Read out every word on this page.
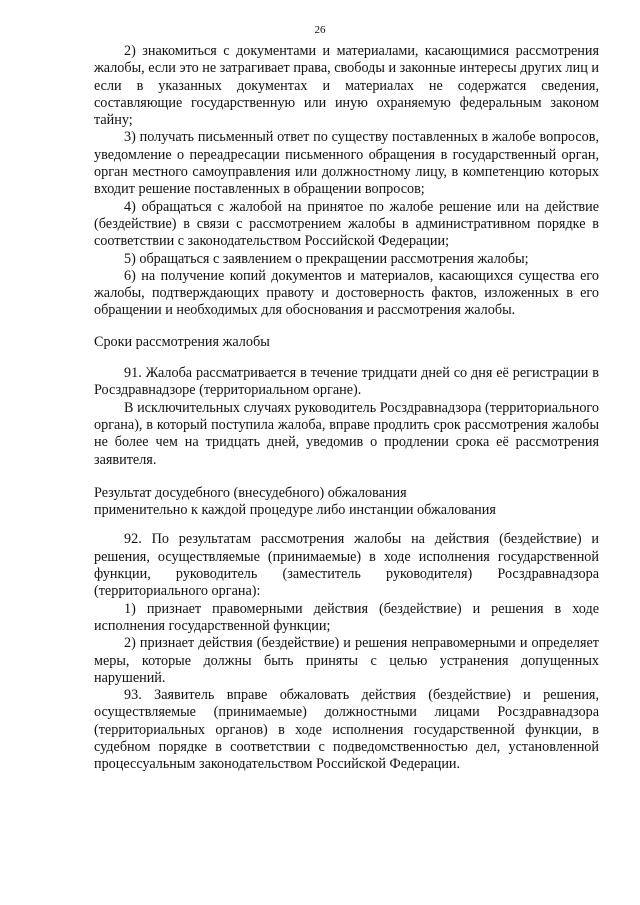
26

2) знакомиться с документами и материалами, касающимися рассмотрения жалобы, если это не затрагивает права, свободы и законные интересы других лиц и если в указанных документах и материалах не содержатся сведения, составляющие государственную или иную охраняемую федеральным законом тайну;

3) получать письменный ответ по существу поставленных в жалобе вопросов, уведомление о переадресации письменного обращения в государственный орган, орган местного самоуправления или должностному лицу, в компетенцию которых входит решение поставленных в обращении вопросов;

4) обращаться с жалобой на принятое по жалобе решение или на действие (бездействие) в связи с рассмотрением жалобы в административном порядке в соответствии с законодательством Российской Федерации;

5) обращаться с заявлением о прекращении рассмотрения жалобы;

6) на получение копий документов и материалов, касающихся существа его жалобы, подтверждающих правоту и достоверность фактов, изложенных в его обращении и необходимых для обоснования и рассмотрения жалобы.

Сроки рассмотрения жалобы

91. Жалоба рассматривается в течение тридцати дней со дня её регистрации в Росздравнадзоре (территориальном органе).

В исключительных случаях руководитель Росздравнадзора (территориального органа), в который поступила жалоба, вправе продлить срок рассмотрения жалобы не более чем на тридцать дней, уведомив о продлении срока её рассмотрения заявителя.

Результат досудебного (внесудебного) обжалования

применительно к каждой процедуре либо инстанции обжалования

92. По результатам рассмотрения жалобы на действия (бездействие) и решения, осуществляемые (принимаемые) в ходе исполнения государственной функции, руководитель (заместитель руководителя) Росздравнадзора (территориального органа):

1) признает правомерными действия (бездействие) и решения в ходе исполнения государственной функции;

2) признает действия (бездействие) и решения неправомерными и определяет меры, которые должны быть приняты с целью устранения допущенных нарушений.

93. Заявитель вправе обжаловать действия (бездействие) и решения, осуществляемые (принимаемые) должностными лицами Росздравнадзора (территориальных органов) в ходе исполнения государственной функции, в судебном порядке в соответствии с подведомственностью дел, установленной процессуальным законодательством Российской Федерации.
